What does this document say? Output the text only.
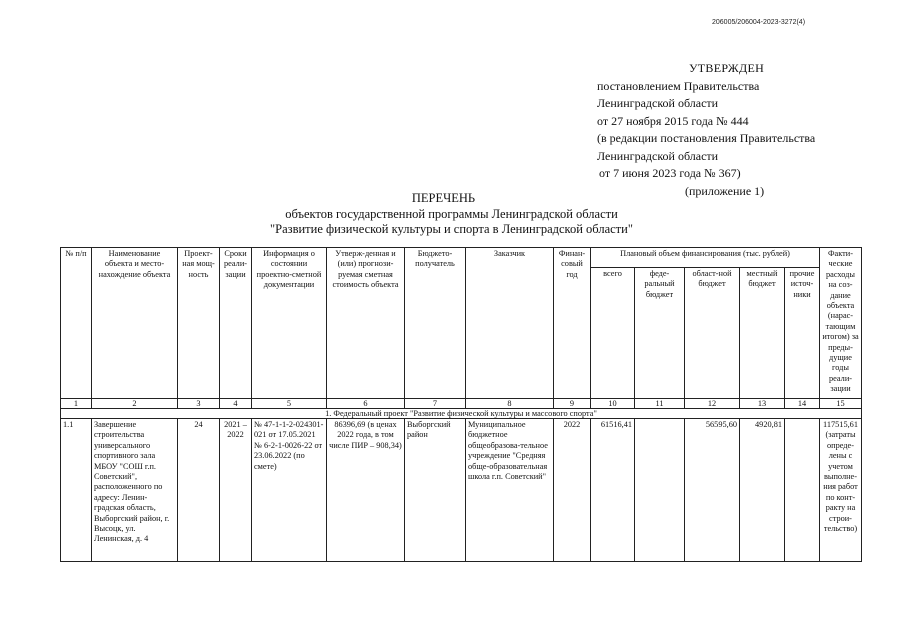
206005/206004-2023-3272(4)
УТВЕРЖДЕН
постановлением Правительства
Ленинградской области
от 27 ноября 2015 года № 444
(в редакции постановления Правительства
Ленинградской области
от 7 июня 2023 года № 367)
(приложение 1)
ПЕРЕЧЕНЬ
объектов государственной программы Ленинградской области
"Развитие физической культуры и спорта в Ленинградской области"
№ п/п	Наименование объекта и место-нахождение объекта	Проект-ная мощ-ность	Сроки реали-зации	Информация о состоянии проектно-сметной документации	Утверж-денная и (или) прогнози-руемая сметная стоимость объекта	Бюджето-получатель	Заказчик	Финан-совый год	Плановый объем финансирования (тыс. рублей)					Факти-ческие расходы на соз-дание объекта (нарас-тающим итогом) за преды-дущие годы реали-зации
									всего	феде-ральный бюджет	област-ной бюджет	местный бюджет	прочие источ-ники	
1	2	3	4	5	6	7	8	9	10	11	12	13	14	15
1. Федеральный проект "Развитие физической культуры и массового спорта"														
1.1	Завершение строительства универсального спортивного зала МБОУ "СОШ г.п. Советский", расположенного по адресу: Ленин-градская область, Выборгский район, г. Высоцк, ул. Ленинская, д. 4	24	2021 – 2022	№ 47-1-1-2-024301-021 от 17.05.2021 № 6-2-1-0026-22 от 23.06.2022 (по смете)	86396,69 (в ценах 2022 года, в том числе ПИР – 908,34)	Выборгский район	Муниципальное бюджетное общеобразова-тельное учреждение "Средняя обще-образовательная школа г.п. Советский"	2022	61516,41		56595,60	4920,81		117515,61 (затраты опреде-лены с учетом выполне-ния работ по конт-ракту на строи-тельство)
